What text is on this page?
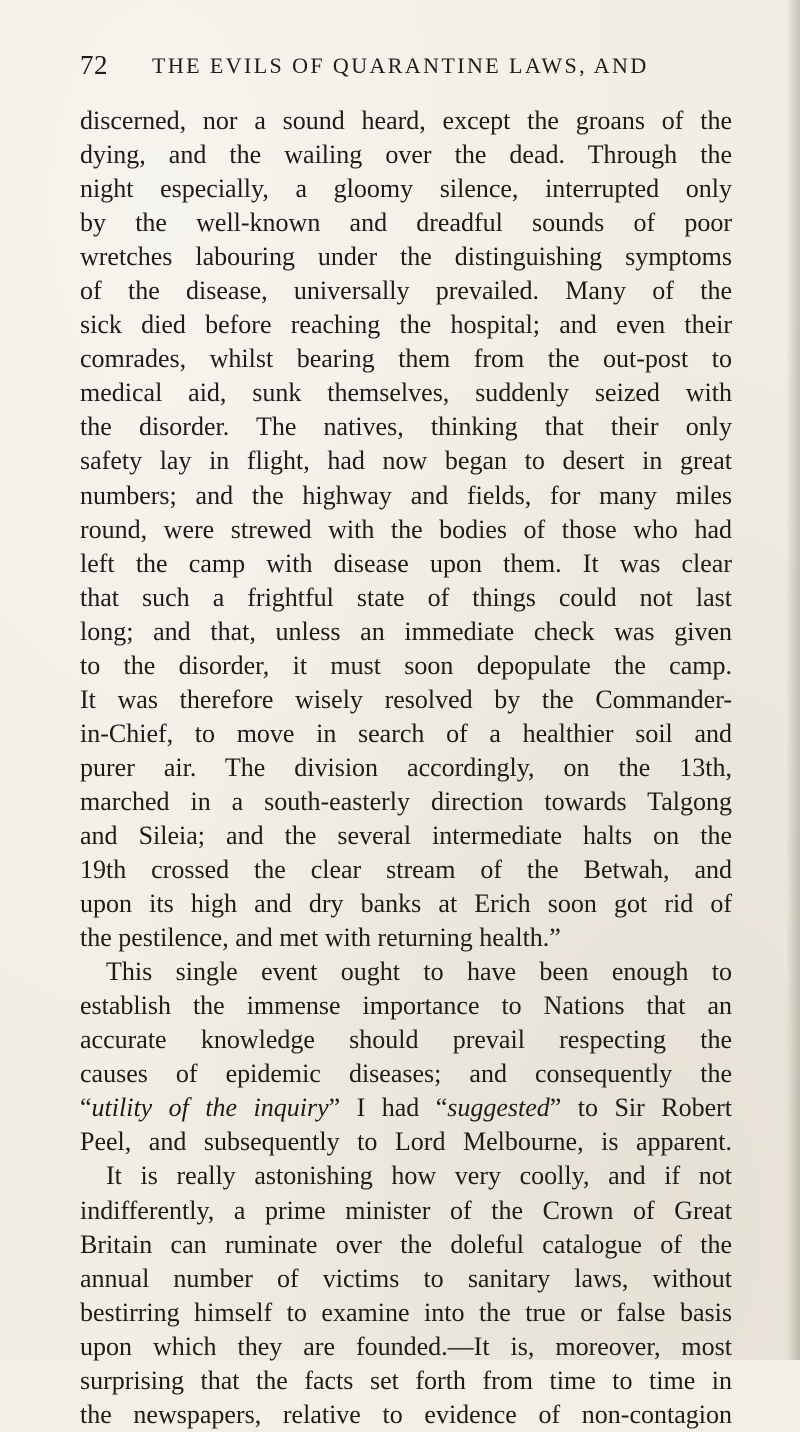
72 THE EVILS OF QUARANTINE LAWS, AND
discerned, nor a sound heard, except the groans of the
dying, and the wailing over the dead. Through the
night especially, a gloomy silence, interrupted only
by the well-known and dreadful sounds of poor
wretches labouring under the distinguishing symptoms
of the disease, universally prevailed. Many of the
sick died before reaching the hospital; and even their
comrades, whilst bearing them from the out-post to
medical aid, sunk themselves, suddenly seized with
the disorder. The natives, thinking that their only
safety lay in flight, had now began to desert in great
numbers; and the highway and fields, for many miles
round, were strewed with the bodies of those who had
left the camp with disease upon them. It was clear
that such a frightful state of things could not last
long; and that, unless an immediate check was given
to the disorder, it must soon depopulate the camp.
It was therefore wisely resolved by the Commander-
in-Chief, to move in search of a healthier soil and
purer air. The division accordingly, on the 13th,
marched in a south-easterly direction towards Talgong
and Sileia; and the several intermediate halts on the
19th crossed the clear stream of the Betwah, and
upon its high and dry banks at Erich soon got rid of
the pestilence, and met with returning health.”
This single event ought to have been enough to
establish the immense importance to Nations that an
accurate knowledge should prevail respecting the
causes of epidemic diseases; and consequently the
“utility of the inquiry” I had “suggested” to Sir Robert
Peel, and subsequently to Lord Melbourne, is apparent.
It is really astonishing how very coolly, and if not
indifferently, a prime minister of the Crown of Great
Britain can ruminate over the doleful catalogue of the
annual number of victims to sanitary laws, without
bestirring himself to examine into the true or false basis
upon which they are founded.—It is, moreover, most
surprising that the facts set forth from time to time in
the newspapers, relative to evidence of non-contagion
